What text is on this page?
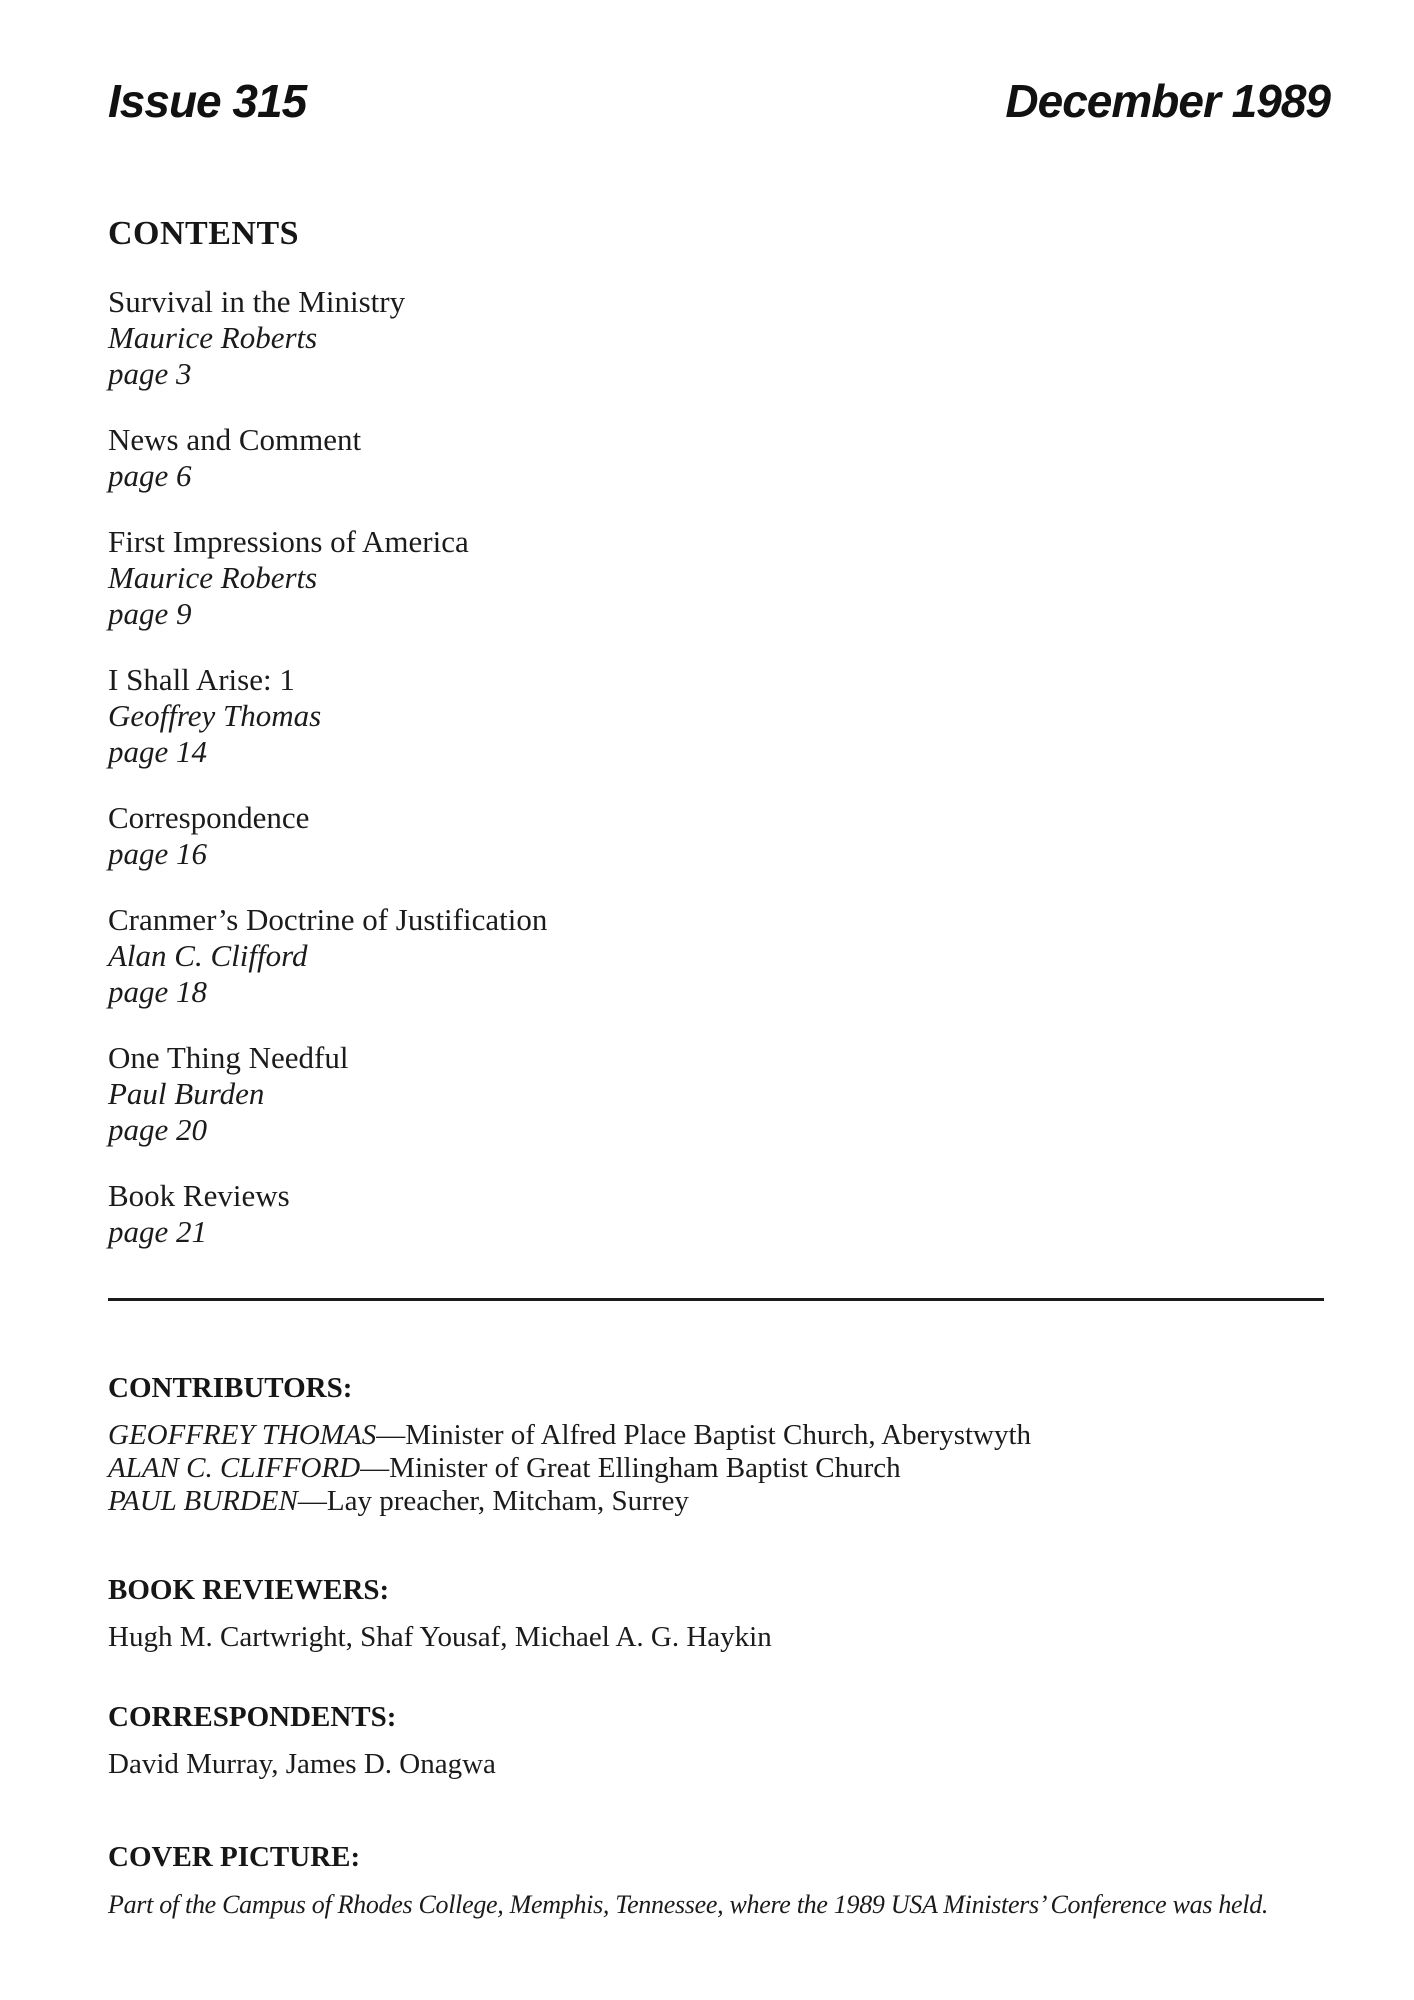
Issue 315	December 1989
CONTENTS
Survival in the Ministry
Maurice Roberts
page 3
News and Comment
page 6
First Impressions of America
Maurice Roberts
page 9
I Shall Arise: 1
Geoffrey Thomas
page 14
Correspondence
page 16
Cranmer’s Doctrine of Justification
Alan C. Clifford
page 18
One Thing Needful
Paul Burden
page 20
Book Reviews
page 21
CONTRIBUTORS:
GEOFFREY THOMAS—Minister of Alfred Place Baptist Church, Aberystwyth
ALAN C. CLIFFORD—Minister of Great Ellingham Baptist Church
PAUL BURDEN—Lay preacher, Mitcham, Surrey
BOOK REVIEWERS:

Hugh M. Cartwright, Shaf Yousaf, Michael A. G. Haykin

CORRESPONDENTS:

David Murray, James D. Onagwa

COVER PICTURE:

Part of the Campus of Rhodes College, Memphis, Tennessee, where the 1989 USA Ministers’ Conference was held.
